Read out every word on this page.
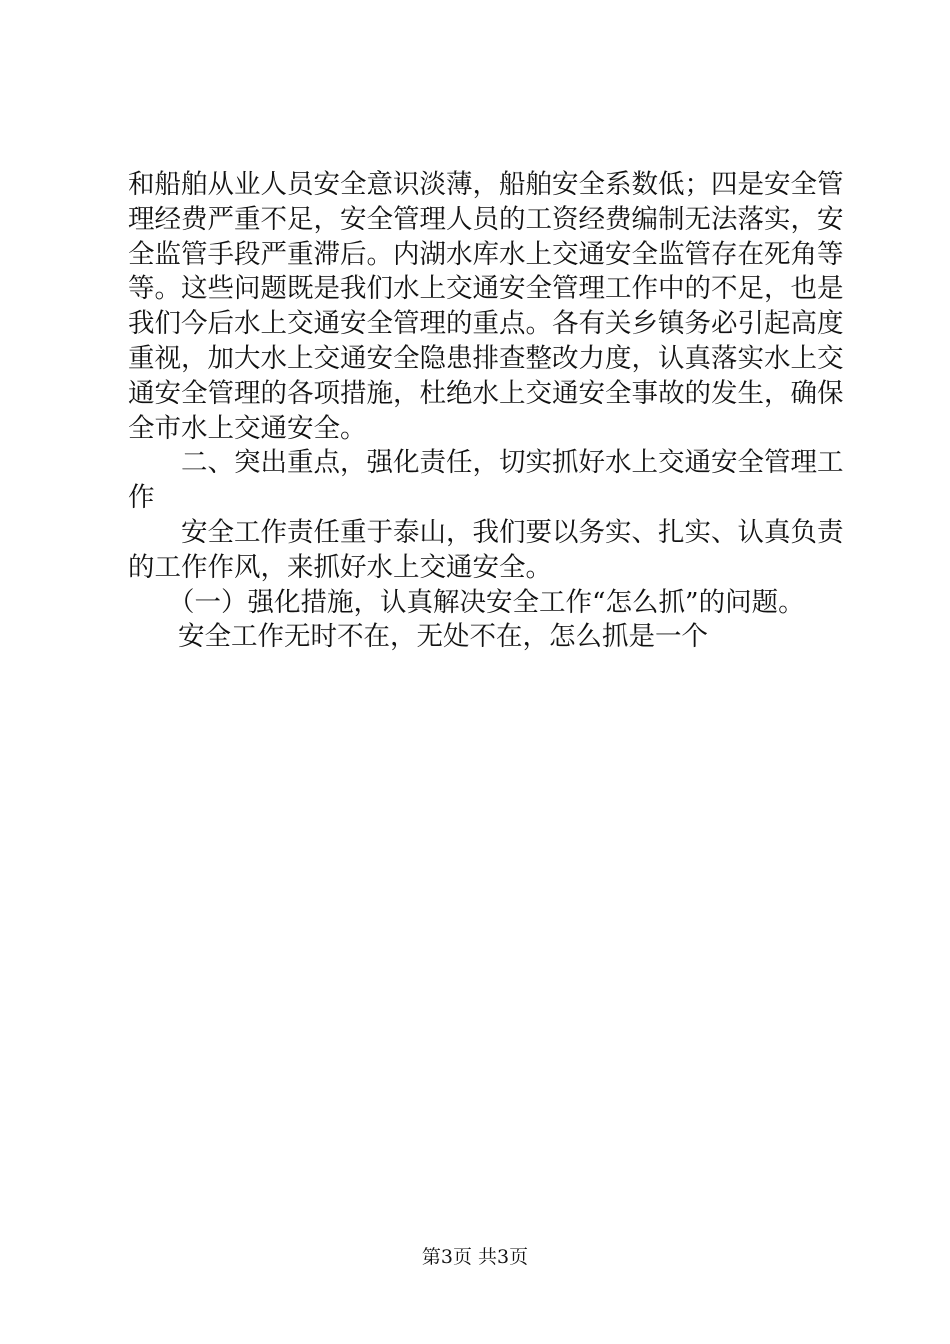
和船舶从业人员安全意识淡薄，船舶安全系数低；四是安全管
理经费严重不足，安全管理人员的工资经费编制无法落实，安
全监管手段严重滞后。内湖水库水上交通安全监管存在死角等
等。这些问题既是我们水上交通安全管理工作中的不足，也是
我们今后水上交通安全管理的重点。各有关乡镇务必引起高度
重视，加大水上交通安全隐患排查整改力度，认真落实水上交
通安全管理的各项措施，杜绝水上交通安全事故的发生，确保
全市水上交通安全。
二、突出重点，强化责任，切实抓好水上交通安全管理工
作
安全工作责任重于泰山，我们要以务实、扎实、认真负责
的工作作风，来抓好水上交通安全。
（一）强化措施，认真解决安全工作“怎么抓”的问题。
安全工作无时不在，无处不在，怎么抓是一个
第3页 共3页
